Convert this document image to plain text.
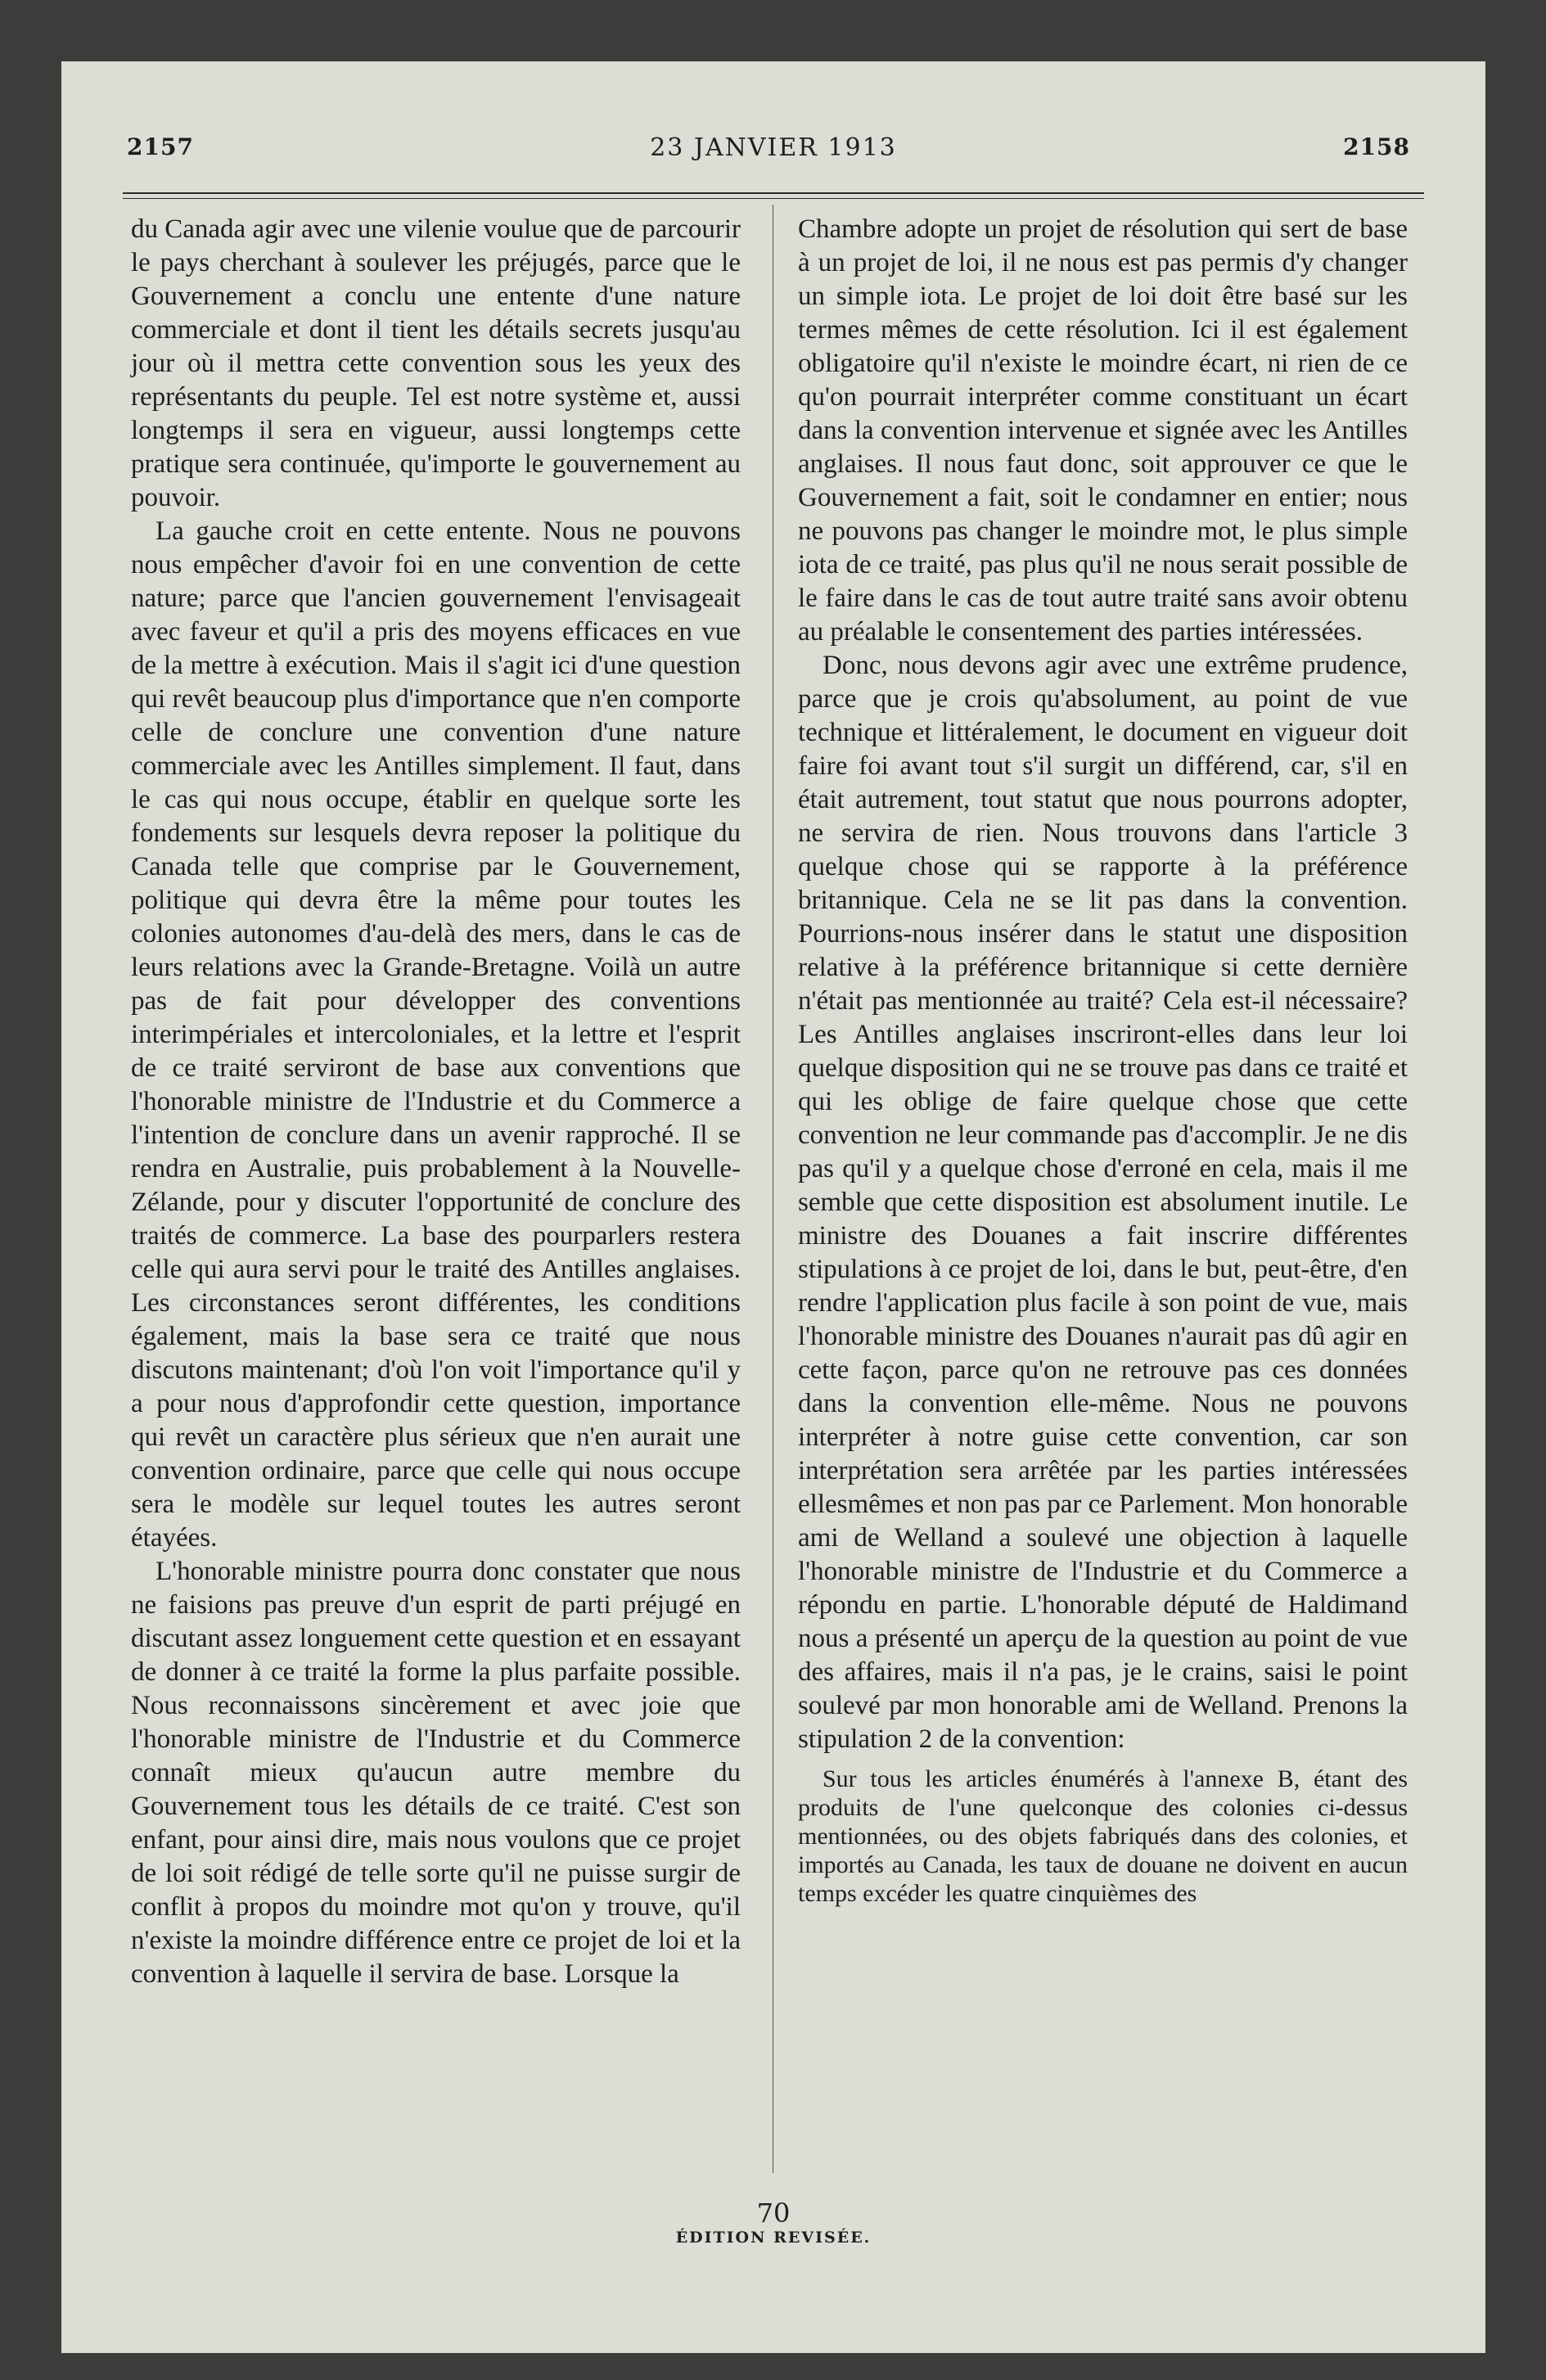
2157	23 JANVIER 1913	2158

du Canada agir avec une vilenie voulue que de parcourir le pays cherchant à soulever les préjugés, parce que le Gouvernement a conclu une entente d'une nature commerciale et dont il tient les détails secrets jusqu'au jour où il mettra cette convention sous les yeux des représentants du peuple. Tel est notre système et, aussi longtemps il sera en vigueur, aussi longtemps cette pratique sera continuée, qu'importe le gouvernement au pouvoir.

La gauche croit en cette entente. Nous ne pouvons nous empêcher d'avoir foi en une convention de cette nature; parce que l'ancien gouvernement l'envisageait avec faveur et qu'il a pris des moyens efficaces en vue de la mettre à exécution. Mais il s'agit ici d'une question qui revêt beaucoup plus d'importance que n'en comporte celle de conclure une convention d'une nature commerciale avec les Antilles simplement. Il faut, dans le cas qui nous occupe, établir en quelque sorte les fondements sur lesquels devra reposer la politique du Canada telle que comprise par le Gouvernement, politique qui devra être la même pour toutes les colonies autonomes d'au-delà des mers, dans le cas de leurs relations avec la Grande-Bretagne. Voilà un autre pas de fait pour développer des conventions interimpériales et intercoloniales, et la lettre et l'esprit de ce traité serviront de base aux conventions que l'honorable ministre de l'Industrie et du Commerce a l'intention de conclure dans un avenir rapproché. Il se rendra en Australie, puis probablement à la Nouvelle-Zélande, pour y discuter l'opportunité de conclure des traités de commerce. La base des pourparlers restera celle qui aura servi pour le traité des Antilles anglaises. Les circonstances seront différentes, les conditions également, mais la base sera ce traité que nous discutons maintenant; d'où l'on voit l'importance qu'il y a pour nous d'approfondir cette question, importance qui revêt un caractère plus sérieux que n'en aurait une convention ordinaire, parce que celle qui nous occupe sera le modèle sur lequel toutes les autres seront étayées.

L'honorable ministre pourra donc constater que nous ne faisions pas preuve d'un esprit de parti préjugé en discutant assez longuement cette question et en essayant de donner à ce traité la forme la plus parfaite possible. Nous reconnaissons sincèrement et avec joie que l'honorable ministre de l'Industrie et du Commerce connaît mieux qu'aucun autre membre du Gouvernement tous les détails de ce traité. C'est son enfant, pour ainsi dire, mais nous voulons que ce projet de loi soit rédigé de telle sorte qu'il ne puisse surgir de conflit à propos du moindre mot qu'on y trouve, qu'il n'existe la moindre différence entre ce projet de loi et la convention à laquelle il servira de base. Lorsque la

Chambre adopte un projet de résolution qui sert de base à un projet de loi, il ne nous est pas permis d'y changer un simple iota. Le projet de loi doit être basé sur les termes mêmes de cette résolution. Ici il est également obligatoire qu'il n'existe le moindre écart, ni rien de ce qu'on pourrait interpréter comme constituant un écart dans la convention intervenue et signée avec les Antilles anglaises. Il nous faut donc, soit approuver ce que le Gouvernement a fait, soit le condamner en entier; nous ne pouvons pas changer le moindre mot, le plus simple iota de ce traité, pas plus qu'il ne nous serait possible de le faire dans le cas de tout autre traité sans avoir obtenu au préalable le consentement des parties intéressées.

Donc, nous devons agir avec une extrême prudence, parce que je crois qu'absolument, au point de vue technique et littéralement, le document en vigueur doit faire foi avant tout s'il surgit un différend, car, s'il en était autrement, tout statut que nous pourrons adopter, ne servira de rien. Nous trouvons dans l'article 3 quelque chose qui se rapporte à la préférence britannique. Cela ne se lit pas dans la convention. Pourrions-nous insérer dans le statut une disposition relative à la préférence britannique si cette dernière n'était pas mentionnée au traité? Cela est-il nécessaire? Les Antilles anglaises inscriront-elles dans leur loi quelque disposition qui ne se trouve pas dans ce traité et qui les oblige de faire quelque chose que cette convention ne leur commande pas d'accomplir. Je ne dis pas qu'il y a quelque chose d'erroné en cela, mais il me semble que cette disposition est absolument inutile. Le ministre des Douanes a fait inscrire différentes stipulations à ce projet de loi, dans le but, peut-être, d'en rendre l'application plus facile à son point de vue, mais l'honorable ministre des Douanes n'aurait pas dû agir en cette façon, parce qu'on ne retrouve pas ces données dans la convention elle-même. Nous ne pouvons interpréter à notre guise cette convention, car son interprétation sera arrêtée par les parties intéressées ellesmêmes et non pas par ce Parlement. Mon honorable ami de Welland a soulevé une objection à laquelle l'honorable ministre de l'Industrie et du Commerce a répondu en partie. L'honorable député de Haldimand nous a présenté un aperçu de la question au point de vue des affaires, mais il n'a pas, je le crains, saisi le point soulevé par mon honorable ami de Welland. Prenons la stipulation 2 de la convention:

Sur tous les articles énumérés à l'annexe B, étant des produits de l'une quelconque des colonies ci-dessus mentionnées, ou des objets fabriqués dans des colonies, et importés au Canada, les taux de douane ne doivent en aucun temps excéder les quatre cinquièmes des

70
ÉDITION REVISÉE.
